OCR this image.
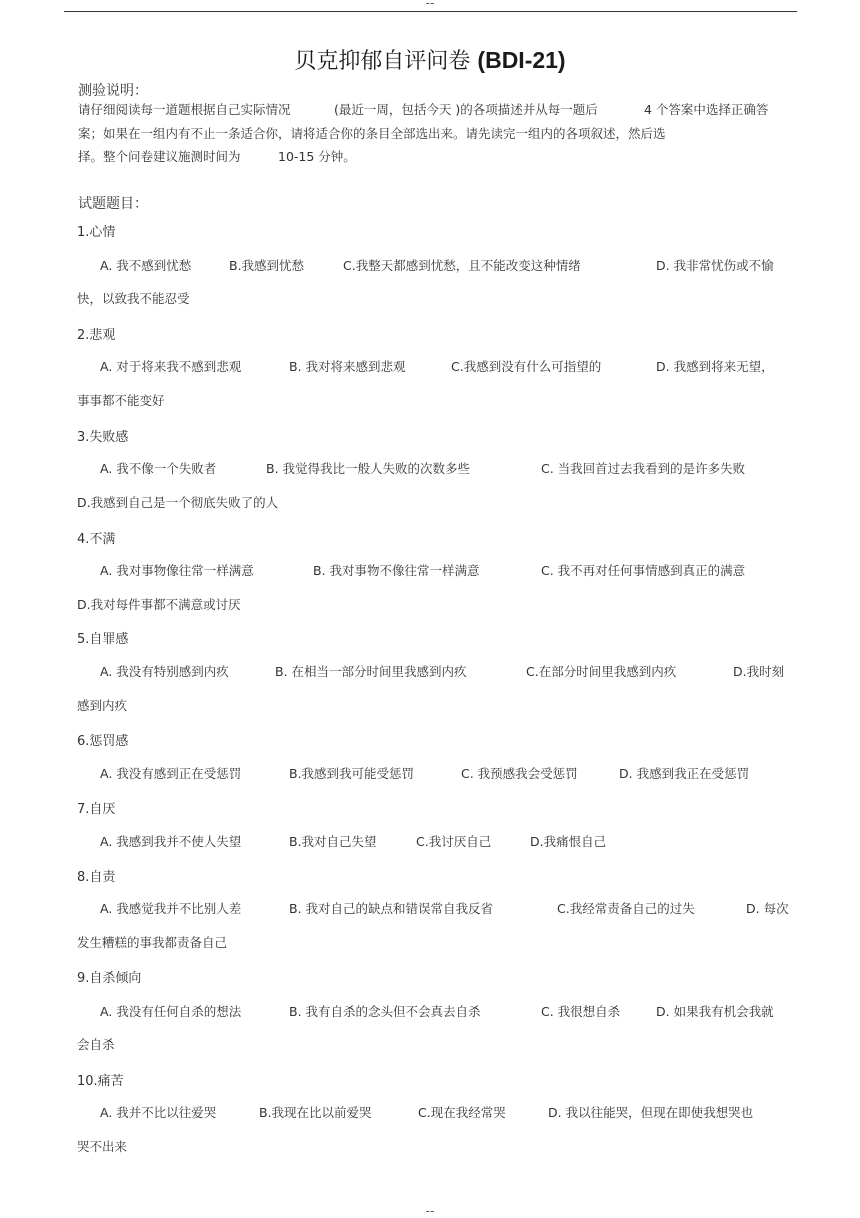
--
贝克抑郁自评问卷 (BDI-21)
测验说明：
请仔细阅读每一道题根据自己实际情况	(最近一周，包括今天 )的各项描述并从每一题后	4 个答案中选择正确答
案；如果在一组内有不止一条适合你，请将适合你的条目全部选出来。请先读完一组内的各项叙述，然后选
择。整个问卷建议施测时间为	10-15 分钟。
试题题目：
1.心情
A. 我不感到忧愁	B.我感到忧愁	C.我整天都感到忧愁，且不能改变这种情绪	D. 我非常忧伤或不愉
快，以致我不能忍受
2.悲观
A. 对于将来我不感到悲观	B. 我对将来感到悲观	C.我感到没有什么可指望的	D. 我感到将来无望，
事事都不能变好
3.失败感
A. 我不像一个失败者	B. 我觉得我比一般人失败的次数多些	C. 当我回首过去我看到的是许多失败
D.我感到自己是一个彻底失败了的人
4.不满
A. 我对事物像往常一样满意	B. 我对事物不像往常一样满意	C. 我不再对任何事情感到真正的满意
D.我对每件事都不满意或讨厌
5.自罪感
A. 我没有特别感到内疚	B. 在相当一部分时间里我感到内疚	C.在部分时间里我感到内疚	D.我时刻
感到内疚
6.惩罚感
A. 我没有感到正在受惩罚	B.我感到我可能受惩罚	C. 我预感我会受惩罚	D. 我感到我正在受惩罚
7.自厌
A. 我感到我并不使人失望	B.我对自己失望	C.我讨厌自己	D.我痛恨自己
8.自责
A. 我感觉我并不比别人差	B. 我对自己的缺点和错误常自我反省	C.我经常责备自己的过失	D. 每次
发生糟糕的事我都责备自己
9.自杀倾向
A. 我没有任何自杀的想法	B. 我有自杀的念头但不会真去自杀	C. 我很想自杀	D. 如果我有机会我就
会自杀
10.痛苦
A. 我并不比以往爱哭	B.我现在比以前爱哭	C.现在我经常哭	D. 我以往能哭，但现在即使我想哭也
哭不出来
--
